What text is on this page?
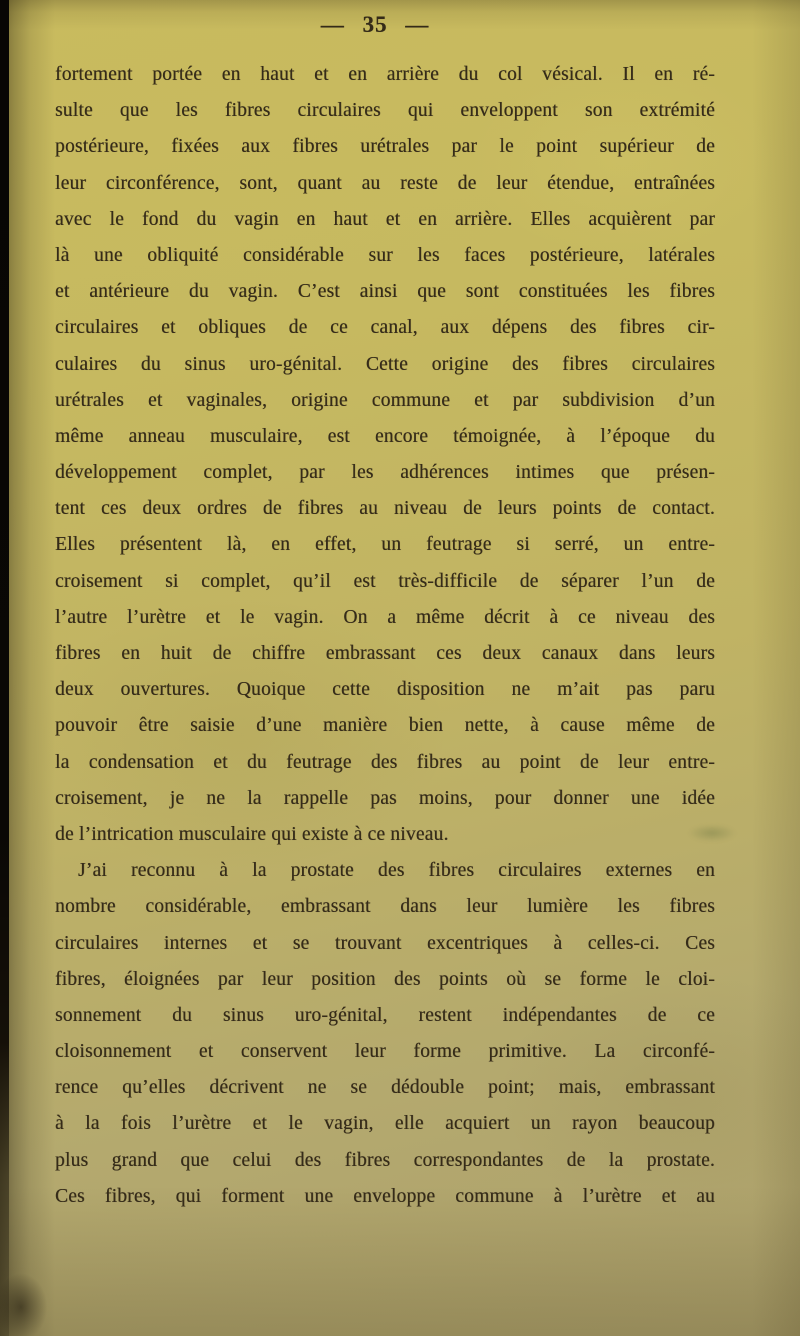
— 35 —
fortement portée en haut et en arrière du col vésical. Il en ré-
sulte que les fibres circulaires qui enveloppent son extrémité
postérieure, fixées aux fibres urétrales par le point supérieur de
leur circonférence, sont, quant au reste de leur étendue, entraînées
avec le fond du vagin en haut et en arrière. Elles acquièrent par
là une obliquité considérable sur les faces postérieure, latérales
et antérieure du vagin. C’est ainsi que sont constituées les fibres
circulaires et obliques de ce canal, aux dépens des fibres cir-
culaires du sinus uro-génital. Cette origine des fibres circulaires
urétrales et vaginales, origine commune et par subdivision d’un
même anneau musculaire, est encore témoignée, à l’époque du
développement complet, par les adhérences intimes que présen-
tent ces deux ordres de fibres au niveau de leurs points de contact.
Elles présentent là, en effet, un feutrage si serré, un entre-
croisement si complet, qu’il est très-difficile de séparer l’un de
l’autre l’urètre et le vagin. On a même décrit à ce niveau des
fibres en huit de chiffre embrassant ces deux canaux dans leurs
deux ouvertures. Quoique cette disposition ne m’ait pas paru
pouvoir être saisie d’une manière bien nette, à cause même de
la condensation et du feutrage des fibres au point de leur entre-
croisement, je ne la rappelle pas moins, pour donner une idée
de l’intrication musculaire qui existe à ce niveau.
J’ai reconnu à la prostate des fibres circulaires externes en
nombre considérable, embrassant dans leur lumière les fibres
circulaires internes et se trouvant excentriques à celles-ci. Ces
fibres, éloignées par leur position des points où se forme le cloi-
sonnement du sinus uro-génital, restent indépendantes de ce
cloisonnement et conservent leur forme primitive. La circonfé-
rence qu’elles décrivent ne se dédouble point; mais, embrassant
à la fois l’urètre et le vagin, elle acquiert un rayon beaucoup
plus grand que celui des fibres correspondantes de la prostate.
Ces fibres, qui forment une enveloppe commune à l’urètre et au
